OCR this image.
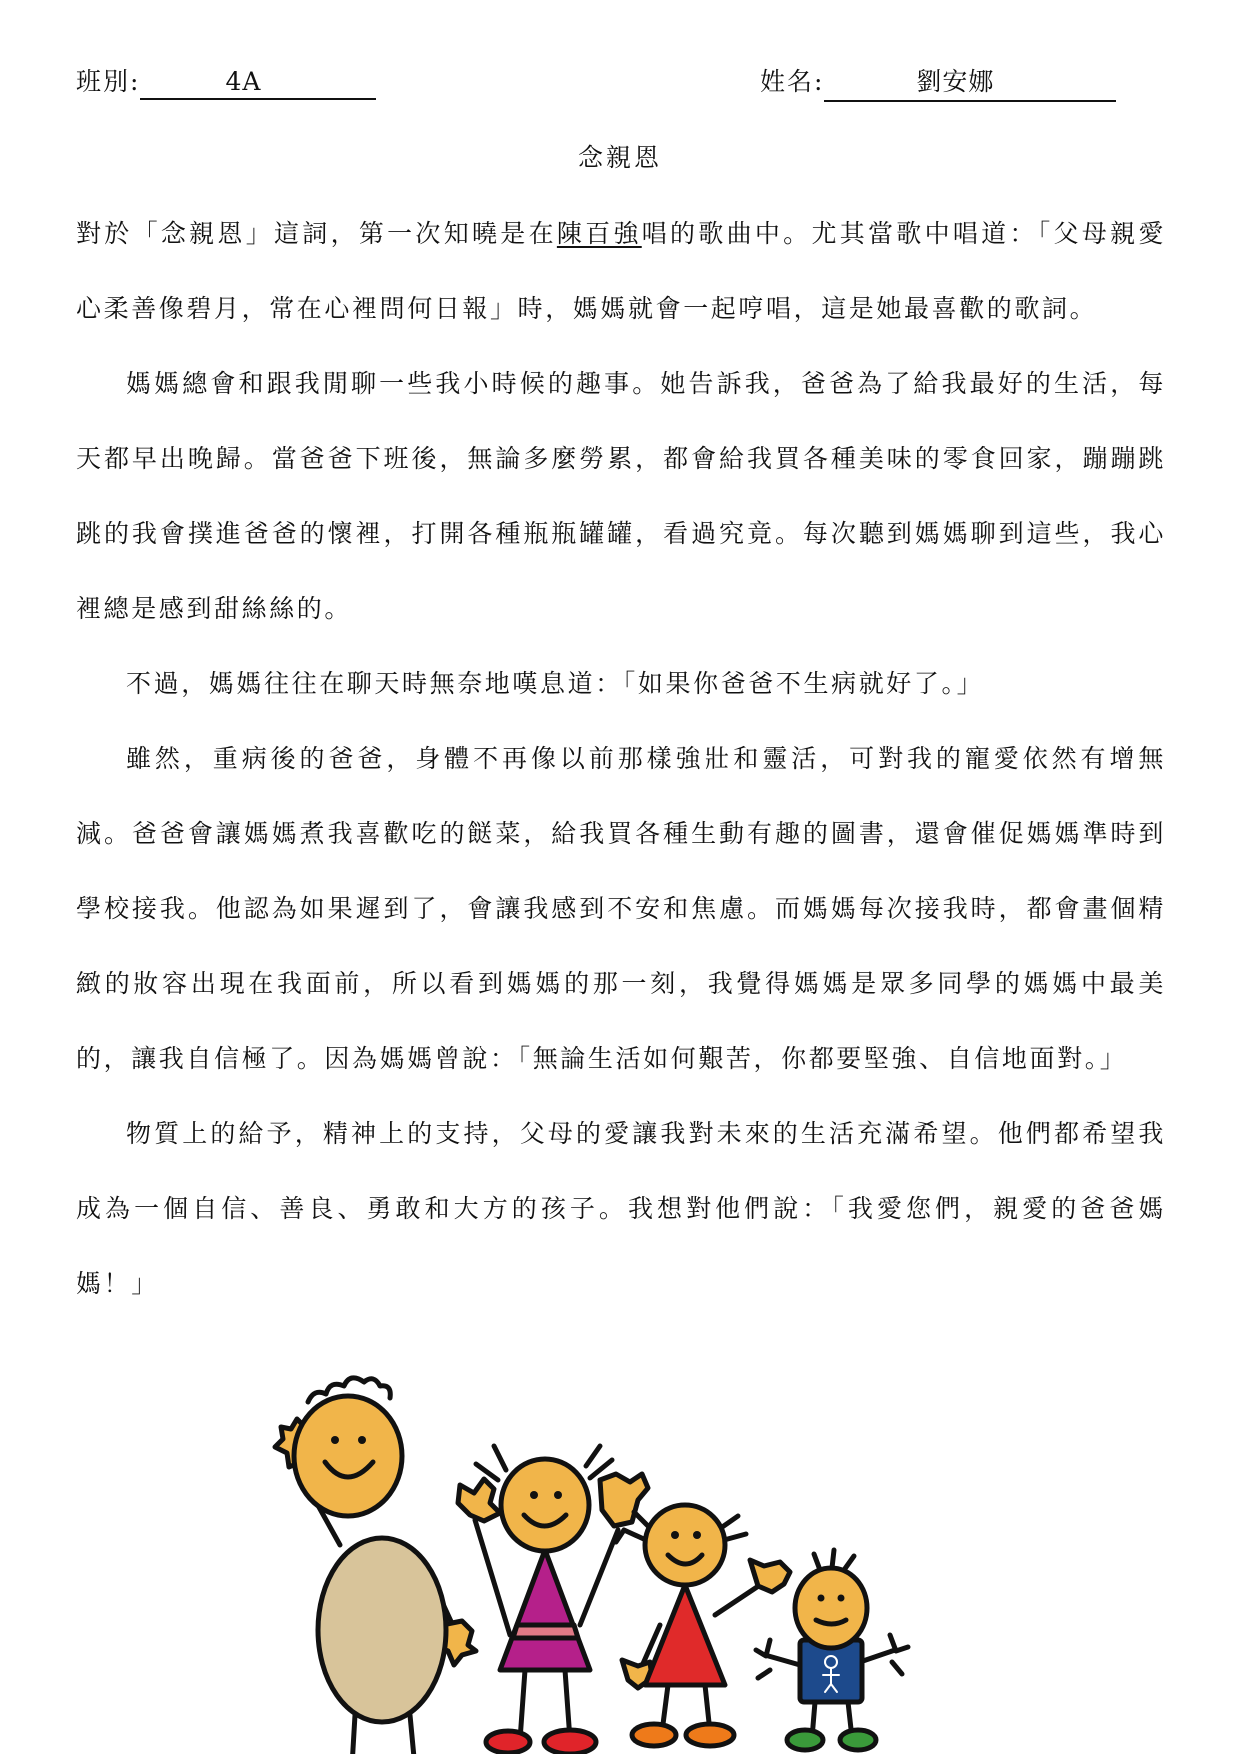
班別:	4A	姓名:	劉安娜
念親恩

對於「念親恩」這詞，第一次知曉是在陳百強唱的歌曲中。尤其當歌中唱道：「父母親愛心柔善像碧月，常在心裡問何日報」時，媽媽就會一起哼唱，這是她最喜歡的歌詞。

媽媽總會和跟我閒聊一些我小時候的趣事。她告訴我，爸爸為了給我最好的生活，每天都早出晚歸。當爸爸下班後，無論多麼勞累，都會給我買各種美味的零食回家，蹦蹦跳跳的我會撲進爸爸的懷裡，打開各種瓶瓶罐罐，看過究竟。每次聽到媽媽聊到這些，我心裡總是感到甜絲絲的。

不過，媽媽往往在聊天時無奈地嘆息道：「如果你爸爸不生病就好了。」

雖然，重病後的爸爸，身體不再像以前那樣強壯和靈活，可對我的寵愛依然有增無減。爸爸會讓媽媽煮我喜歡吃的餸菜，給我買各種生動有趣的圖書，還會催促媽媽準時到學校接我。他認為如果遲到了，會讓我感到不安和焦慮。而媽媽每次接我時，都會畫個精緻的妝容出現在我面前，所以看到媽媽的那一刻，我覺得媽媽是眾多同學的媽媽中最美的，讓我自信極了。因為媽媽曾說：「無論生活如何艱苦，你都要堅強、自信地面對。」

物質上的給予，精神上的支持，父母的愛讓我對未來的生活充滿希望。他們都希望我成為一個自信、善良、勇敢和大方的孩子。我想對他們說：「我愛您們，親愛的爸爸媽媽！」
